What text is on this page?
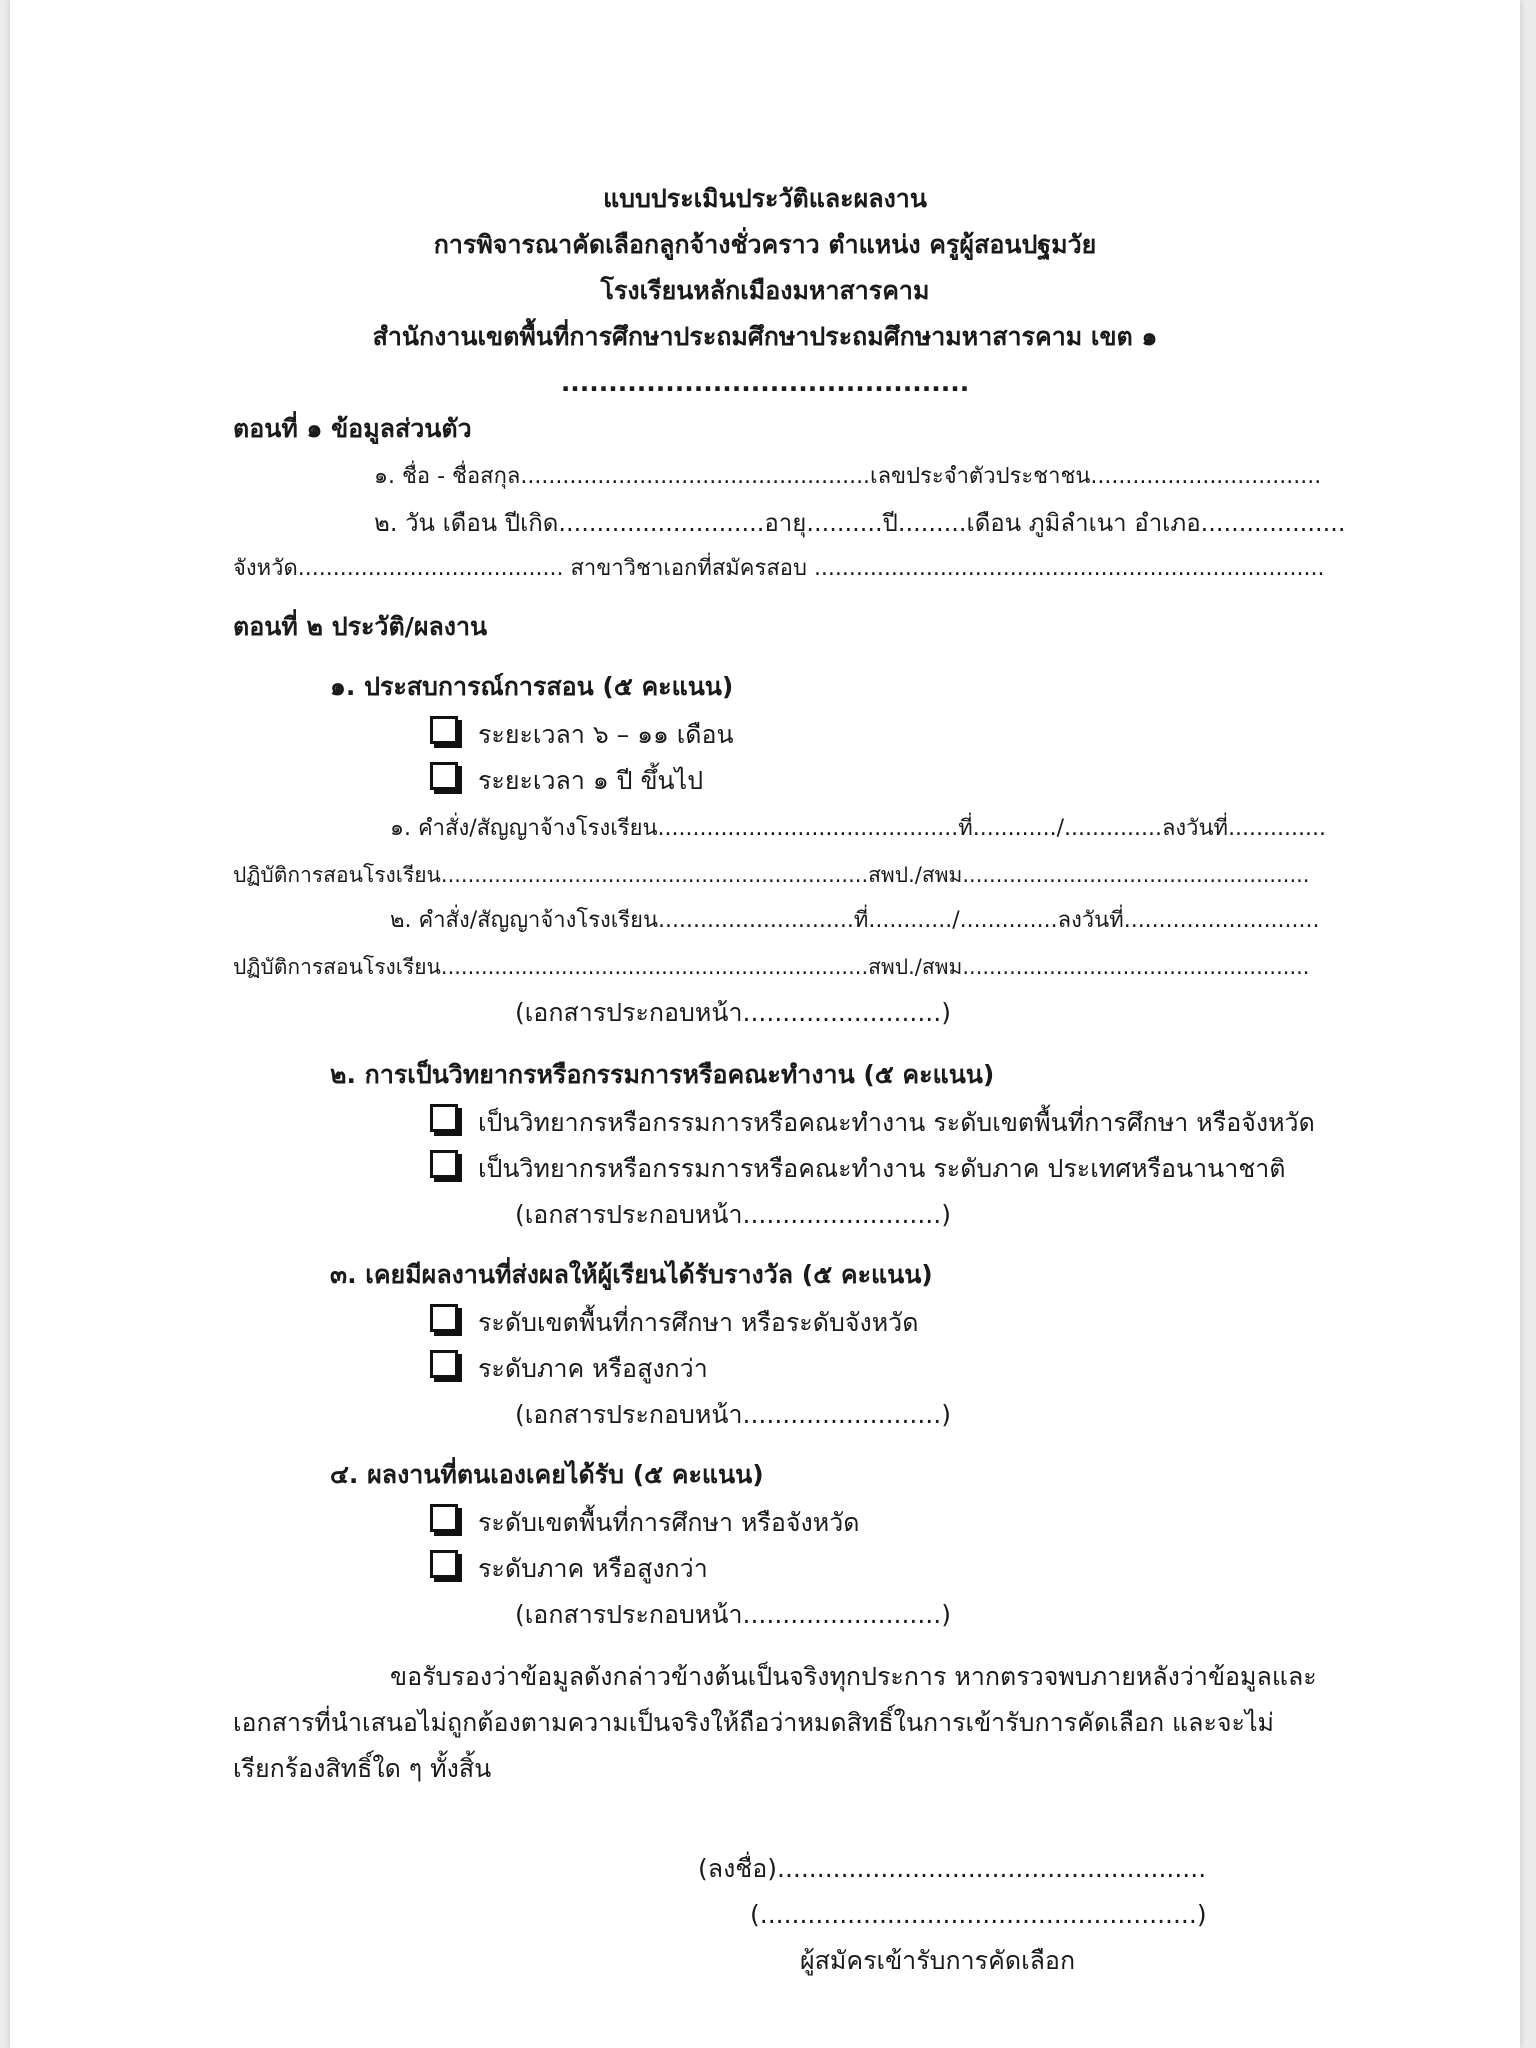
แบบประเมินประวัติและผลงาน
การพิจารณาคัดเลือกลูกจ้างชั่วคราว ตำแหน่ง ครูผู้สอนปฐมวัย
โรงเรียนหลักเมืองมหาสารคาม
สำนักงานเขตพื้นที่การศึกษาประถมศึกษาประถมศึกษามหาสารคาม เขต ๑
...........................................
ตอนที่ ๑ ข้อมูลส่วนตัว
๑. ชื่อ - ชื่อสกุล..................................................เลขประจำตัวประชาชน.................................
๒. วัน เดือน ปีเกิด...........................อายุ..........ปี.........เดือน ภูมิลำเนา อำเภอ...................
จังหวัด...................................... สาขาวิชาเอกที่สมัครสอบ .........................................................................
ตอนที่ ๒ ประวัติ/ผลงาน
๑. ประสบการณ์การสอน (๕ คะแนน)
ระยะเวลา ๖ – ๑๑ เดือน
ระยะเวลา ๑ ปี ขึ้นไป
๑. คำสั่ง/สัญญาจ้างโรงเรียน...........................................ที่............/..............ลงวันที่..............
ปฏิบัติการสอนโรงเรียน................................................................สพป./สพม....................................................
๒. คำสั่ง/สัญญาจ้างโรงเรียน............................ที่............/..............ลงวันที่............................
ปฏิบัติการสอนโรงเรียน................................................................สพป./สพม....................................................
(เอกสารประกอบหน้า.........................)
๒. การเป็นวิทยากรหรือกรรมการหรือคณะทำงาน (๕ คะแนน)
เป็นวิทยากรหรือกรรมการหรือคณะทำงาน ระดับเขตพื้นที่การศึกษา หรือจังหวัด
เป็นวิทยากรหรือกรรมการหรือคณะทำงาน ระดับภาค ประเทศหรือนานาชาติ
(เอกสารประกอบหน้า.........................)
๓. เคยมีผลงานที่ส่งผลให้ผู้เรียนได้รับรางวัล (๕ คะแนน)
ระดับเขตพื้นที่การศึกษา หรือระดับจังหวัด
ระดับภาค หรือสูงกว่า
(เอกสารประกอบหน้า.........................)
๔. ผลงานที่ตนเองเคยได้รับ (๕ คะแนน)
ระดับเขตพื้นที่การศึกษา หรือจังหวัด
ระดับภาค หรือสูงกว่า
(เอกสารประกอบหน้า.........................)
ขอรับรองว่าข้อมูลดังกล่าวข้างต้นเป็นจริงทุกประการ หากตรวจพบภายหลังว่าข้อมูลและ
เอกสารที่นำเสนอไม่ถูกต้องตามความเป็นจริงให้ถือว่าหมดสิทธิ์ในการเข้ารับการคัดเลือก และจะไม่
เรียกร้องสิทธิ์ใด ๆ ทั้งสิ้น
(ลงชื่อ)......................................................
(.......................................................)
ผู้สมัครเข้ารับการคัดเลือก
